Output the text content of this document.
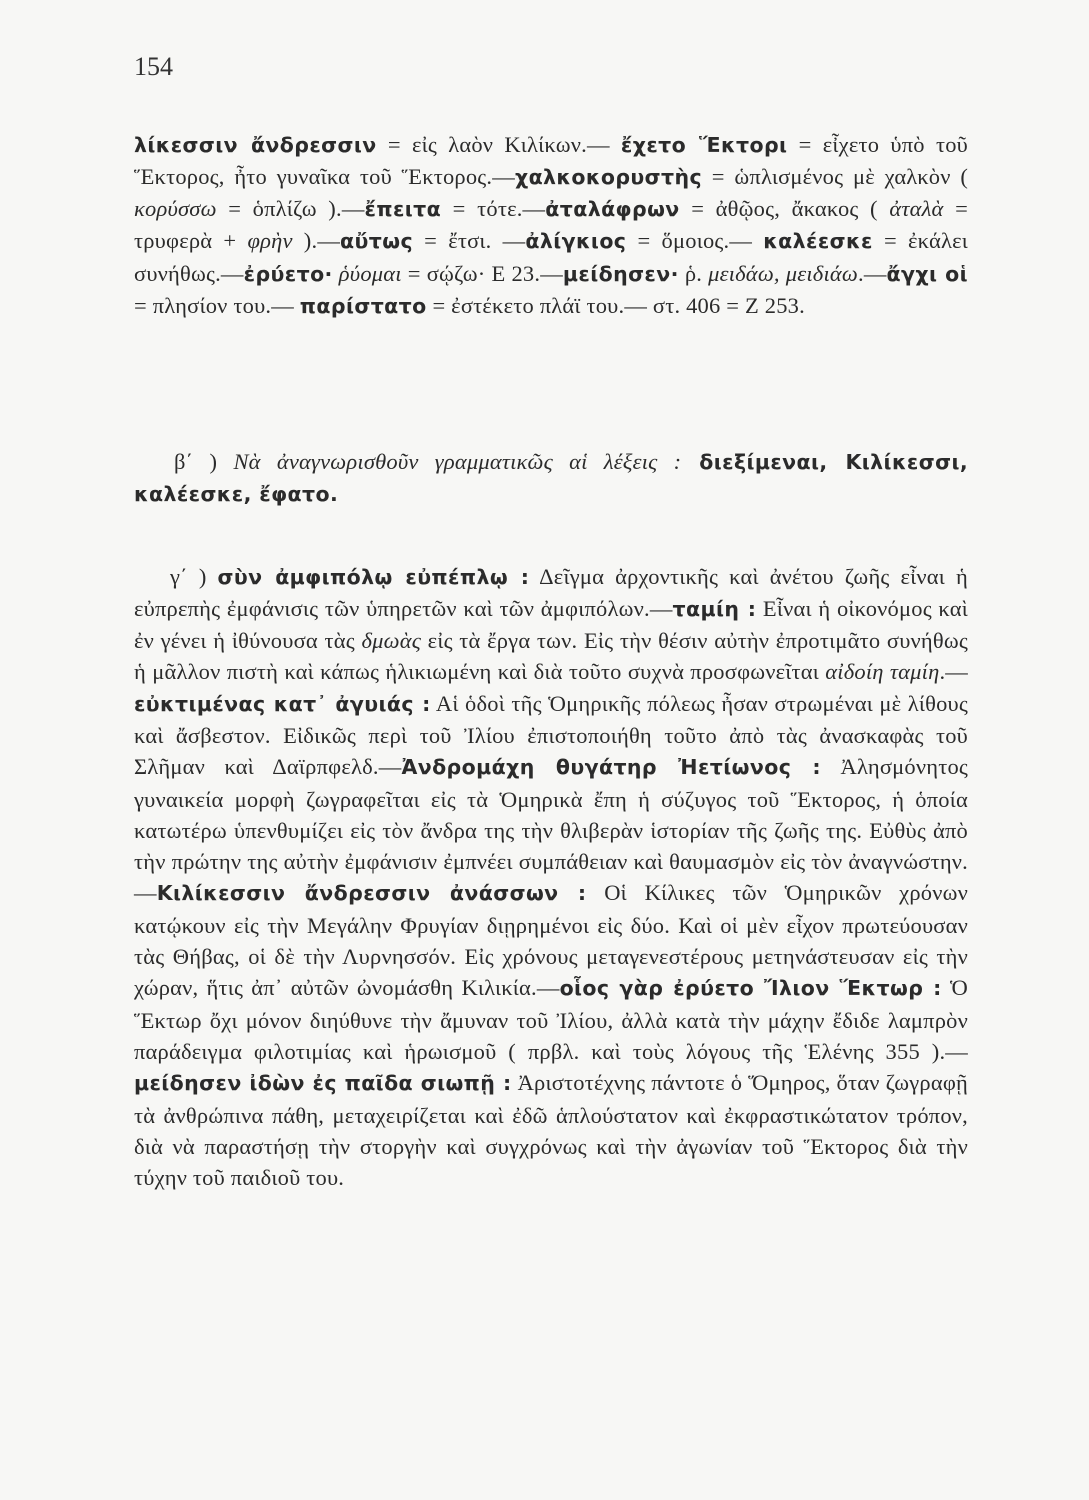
154

λίκεσσιν ἄνδρεσσιν = εἰς λαὸν Κιλίκων.— ἔχετο Ἕκτορι = εἶχετο ὑπὸ τοῦ Ἕκτορος, ἦτο γυναῖκα τοῦ Ἕκτορος.—χαλκοκορυστὴς = ὡπλισμένος μὲ χαλκὸν ( κορύσσω = ὁπλίζω ).—ἔπειτα = τότε.—ἀταλάφρων = ἀθῷος, ἄκακος ( ἀταλὰ = τρυφερὰ + φρὴν ).—αὔτως = ἔτσι. —ἀλίγκιος = ὅμοιος.— καλέεσκε = ἐκάλει συνήθως.—ἐρύετο· ῥύομαι = σῴζω· Ε 23.—μείδησεν· ῥ. μειδάω, μειδιάω.—ἄγχι οἱ = πλησίον του.— παρίστατο = ἐστέκετο πλάϊ του.— στ. 406 = Ζ 253.

β΄ ) Νὰ ἀναγνωρισθοῦν γραμματικῶς αἱ λέξεις : διεξίμεναι, Κιλίκεσσι, καλέεσκε, ἔφατο.

γ΄ ) σὺν ἀμφιπόλῳ εὐπέπλῳ : Δεῖγμα ἀρχοντικῆς καὶ ἀνέτου ζωῆς εἶναι ἡ εὐπρεπὴς ἐμφάνισις τῶν ὑπηρετῶν καὶ τῶν ἀμφιπόλων.—ταμίη : Εἶναι ἡ οἰκονόμος καὶ ἐν γένει ἡ ἰθύνουσα τὰς δμωὰς εἰς τὰ ἔργα των. Εἰς τὴν θέσιν αὐτὴν ἐπροτιμᾶτο συνήθως ἡ μᾶλλον πιστὴ καὶ κάπως ἡλικιωμένη καὶ διὰ τοῦτο συχνὰ προσφωνεῖται αἰδοίη ταμίη.—εὐκτιμένας κατ᾽ ἀγυιάς : Αἱ ὁδοὶ τῆς Ὁμηρικῆς πόλεως ἦσαν στρωμέναι μὲ λίθους καὶ ἄσβεστον. Εἰδικῶς περὶ τοῦ Ἰλίου ἐπιστοποιήθη τοῦτο ἀπὸ τὰς ἀνασκαφὰς τοῦ Σλῆμαν καὶ Δαϊρπφελδ.—Ἀνδρομάχη θυγάτηρ Ἠετίωνος : Ἀλησμόνητος γυναικεία μορφὴ ζωγραφεῖται εἰς τὰ Ὁμηρικὰ ἔπη ἡ σύζυγος τοῦ Ἕκτορος, ἡ ὁποία κατωτέρω ὑπενθυμίζει εἰς τὸν ἄνδρα της τὴν θλιβερὰν ἱστορίαν τῆς ζωῆς της. Εὐθὺς ἀπὸ τὴν πρώτην της αὐτὴν ἐμφάνισιν ἐμπνέει συμπάθειαν καὶ θαυμασμὸν εἰς τὸν ἀναγνώστην.—Κιλίκεσσιν ἄνδρεσσιν ἀνάσσων : Οἱ Κίλικες τῶν Ὁμηρικῶν χρόνων κατῴκουν εἰς τὴν Μεγάλην Φρυγίαν διῃρημένοι εἰς δύο. Καὶ οἱ μὲν εἶχον πρωτεύουσαν τὰς Θήβας, οἱ δὲ τὴν Λυρνησσόν. Εἰς χρόνους μεταγενεστέρους μετηνάστευσαν εἰς τὴν χώραν, ἥτις ἀπ᾽ αὐτῶν ὠνομάσθη Κιλικία.—οἷος γὰρ ἐρύετο Ἴλιον Ἕκτωρ : Ὁ Ἕκτωρ ὄχι μόνον διηύθυνε τὴν ἄμυναν τοῦ Ἰλίου, ἀλλὰ κατὰ τὴν μάχην ἔδιδε λαμπρὸν παράδειγμα φιλοτιμίας καὶ ἡρωισμοῦ ( πρβλ. καὶ τοὺς λόγους τῆς Ἑλένης 355 ).— μείδησεν ἰδὼν ἐς παῖδα σιωπῇ : Ἀριστοτέχνης πάντοτε ὁ Ὅμηρος, ὅταν ζωγραφῇ τὰ ἀνθρώπινα πάθη, μεταχειρίζεται καὶ ἐδῶ ἁπλούστατον καὶ ἐκφραστικώτατον τρόπον, διὰ νὰ παραστήσῃ τὴν στοργὴν καὶ συγχρόνως καὶ τὴν ἀγωνίαν τοῦ Ἕκτορος διὰ τὴν τύχην τοῦ παιδιοῦ του.
